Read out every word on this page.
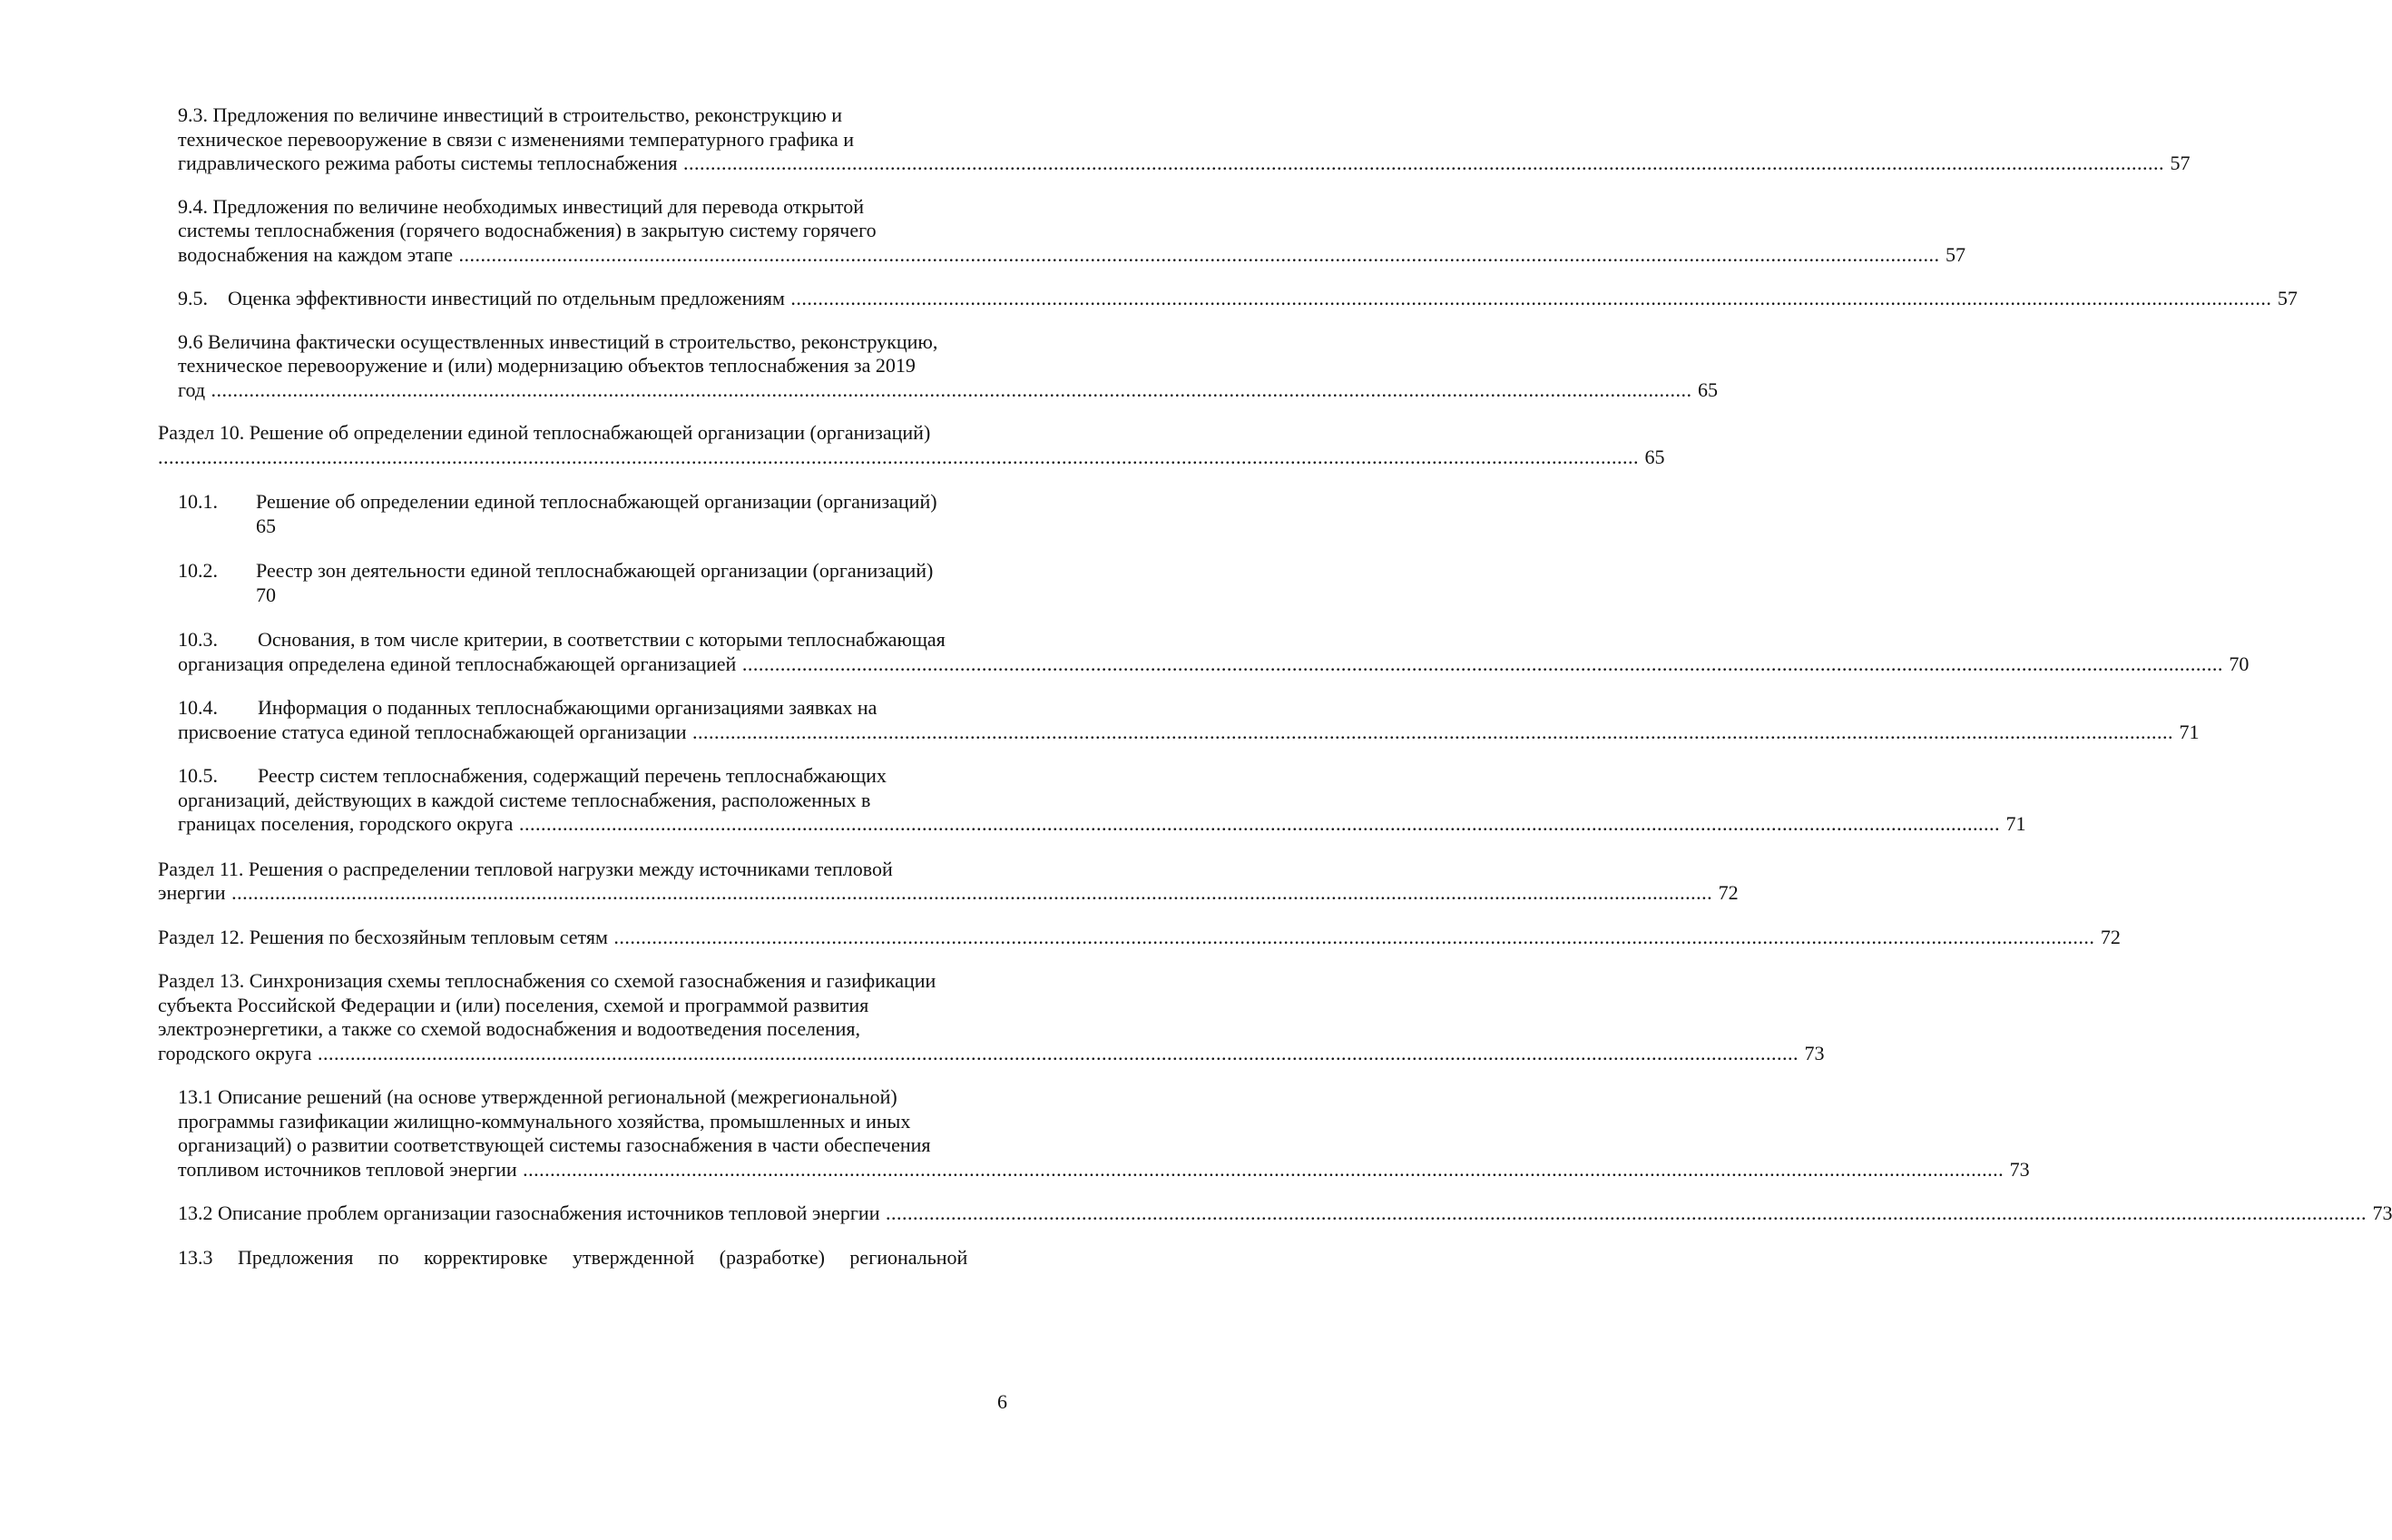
9.3. Предложения по величине инвестиций в строительство, реконструкцию и
техническое перевооружение в связи с изменениями температурного графика и
гидравлического режима работы системы теплоснабжения .....	57
9.4. Предложения по величине необходимых инвестиций для перевода открытой
системы теплоснабжения (горячего водоснабжения) в закрытую систему горячего
водоснабжения на каждом этапе .....	57
9.5.    Оценка эффективности инвестиций по отдельным предложениям .....	57
9.6 Величина фактически осуществленных инвестиций в строительство, реконструкцию,
техническое перевооружение и (или) модернизацию объектов теплоснабжения за 2019
год .....	65
Раздел 10. Решение об определении единой теплоснабжающей организации (организаций)
..... 65
10.1. Решение об определении единой теплоснабжающей организации (организаций)
65
10.2. Реестр зон деятельности единой теплоснабжающей организации (организаций)
70
10.3.        Основания, в том числе критерии, в соответствии с которыми теплоснабжающая
организация определена единой теплоснабжающей организацией .....	70
10.4.        Информация о поданных теплоснабжающими организациями заявках на
присвоение статуса единой теплоснабжающей организации .....	71
10.5.        Реестр систем теплоснабжения, содержащий перечень теплоснабжающих
организаций, действующих в каждой системе теплоснабжения, расположенных в
границах поселения, городского округа .....	71
Раздел 11. Решения о распределении тепловой нагрузки между источниками тепловой
энергии .....	72
Раздел 12. Решения по бесхозяйным тепловым сетям .....	72
Раздел 13. Синхронизация схемы теплоснабжения со схемой газоснабжения и газификации
субъекта Российской Федерации и (или) поселения, схемой и программой развития
электроэнергетики, а также со схемой водоснабжения и водоотведения поселения,
городского округа .....	73
13.1 Описание решений (на основе утвержденной региональной (межрегиональной)
программы газификации жилищно-коммунального хозяйства, промышленных и иных
организаций) о развитии соответствующей системы газоснабжения в части обеспечения
топливом источников тепловой энергии .....	73
13.2 Описание проблем организации газоснабжения источников тепловой энергии .....	73
13.3     Предложения     по     корректировке     утвержденной     (разработке)     региональной
6
